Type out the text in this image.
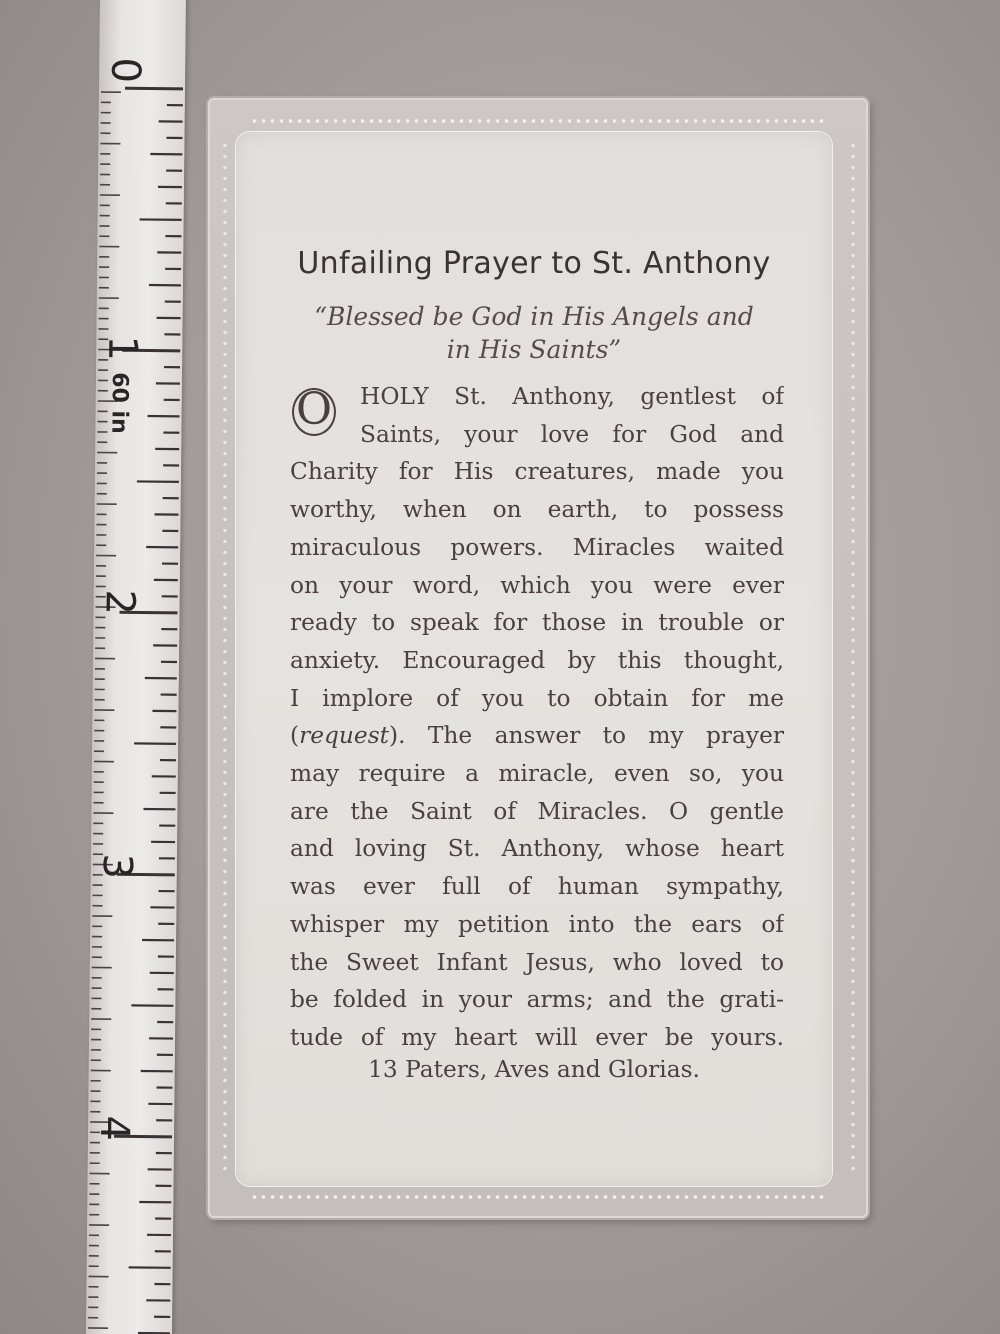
0
1
2
3
4
60 in
Unfailing Prayer to St. Anthony
“Blessed be God in His Angels and
in His Saints”
O	HOLY St. Anthony, gentlest of
Saints, your love for God and
Charity for His creatures, made you
worthy, when on earth, to possess
miraculous powers. Miracles waited
on your word, which you were ever
ready to speak for those in trouble or
anxiety. Encouraged by this thought,
I implore of you to obtain for me
(request). The answer to my prayer
may require a miracle, even so, you
are the Saint of Miracles. O gentle
and loving St. Anthony, whose heart
was ever full of human sympathy,
whisper my petition into the ears of
the Sweet Infant Jesus, who loved to
be folded in your arms; and the grati-
tude of my heart will ever be yours.
13 Paters, Aves and Glorias.
